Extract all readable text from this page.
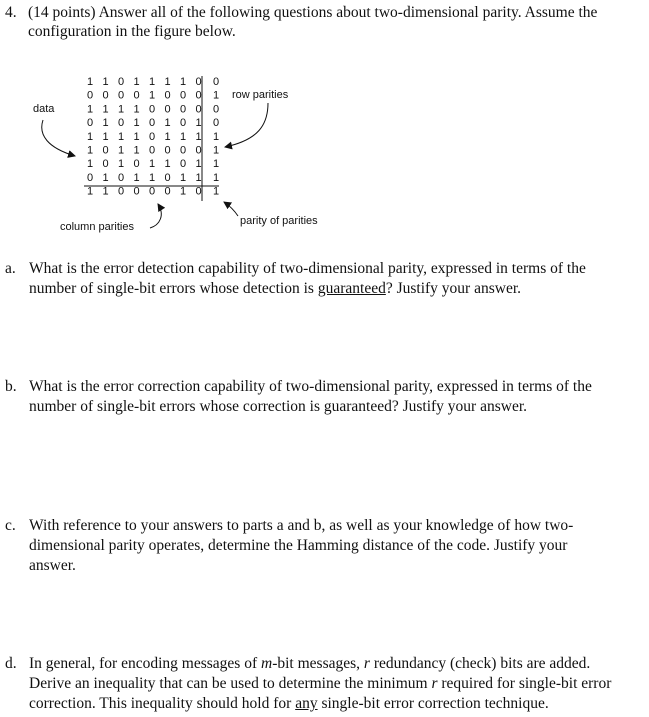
4. (14 points) Answer all of the following questions about two-dimensional parity. Assume the
configuration in the figure below.
1 1 0 1 1 1 1 0 0
0 0 0 0 1 0 0 0 1
1 1 1 1 0 0 0 0 0
0 1 0 1 0 1 0 1 0
1 1 1 1 0 1 1 1 1
1 0 1 1 0 0 0 0 1
1 0 1 0 1 1 0 1 1
0 1 0 1 1 0 1 1 1
1 1 0 0 0 0 1 0 1
data
row parities
column parities	parity of parities
a. What is the error detection capability of two-dimensional parity, expressed in terms of the
number of single-bit errors whose detection is guaranteed? Justify your answer.
b. What is the error correction capability of two-dimensional parity, expressed in terms of the
number of single-bit errors whose correction is guaranteed? Justify your answer.
c. With reference to your answers to parts a and b, as well as your knowledge of how two-
dimensional parity operates, determine the Hamming distance of the code. Justify your
answer.
d. In general, for encoding messages of m-bit messages, r redundancy (check) bits are added.
Derive an inequality that can be used to determine the minimum r required for single-bit error
correction. This inequality should hold for any single-bit error correction technique.
